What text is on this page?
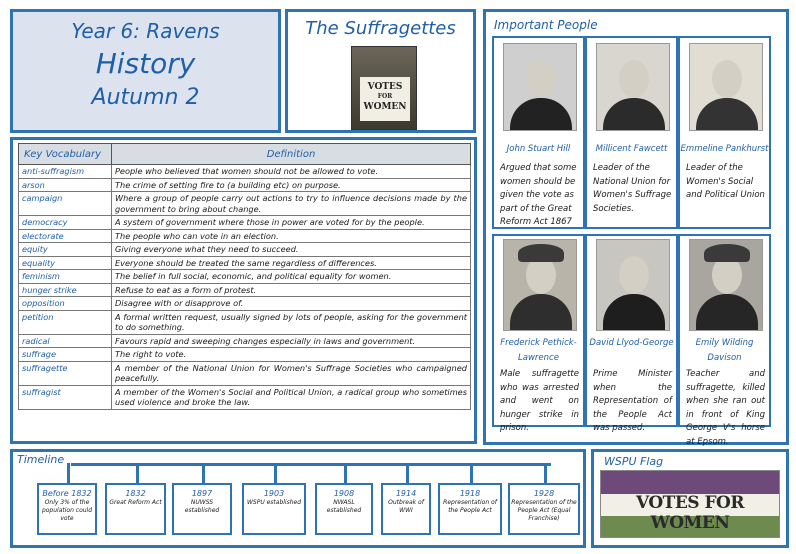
Year 6: Ravens
History
Autumn 2
The Suffragettes
VOTES
FOR
WOMEN
Key Vocabulary	Definition
anti-suffragism	People who believed that women should not be allowed to vote.
arson	The crime of setting fire to (a building etc) on purpose.
campaign	Where a group of people carry out actions to try to influence decisions made by the government to bring about change.
democracy	A system of government where those in power are voted for by the people.
electorate	The people who can vote in an election.
equity	Giving everyone what they need to succeed.
equality	Everyone should be treated the same regardless of differences.
feminism	The belief in full social, economic, and political equality for women.
hunger strike	Refuse to eat as a form of protest.
opposition	Disagree with or disapprove of.
petition	A formal written request, usually signed by lots of people, asking for the government to do something.
radical	Favours rapid and sweeping changes especially in laws and government.
suffrage	The right to vote.
suffragette	A member of the National Union for Women's Suffrage Societies who campaigned peacefully.
suffragist	A member of the Women's Social and Political Union, a radical group who sometimes used violence and broke the law.
Important People
John Stuart Hill
Argued that some women should be given the vote as part of the Great Reform Act 1867
Millicent Fawcett
Leader of the National Union for Women's Suffrage Societies.
Emmeline Pankhurst
Leader of the Women's Social and Political Union
Frederick Pethick-Lawrence
Male suffragette who was arrested and went on hunger strike in prison.
David Llyod-George
Prime Minister when the Representation of the People Act was passed.
Emily Wilding Davison
Teacher and suffragette, killed when she ran out in front of King George V's horse at Epsom.
Timeline
Before 1832
Only 3% of the population could vote
1832
Great Reform Act
1897
NUWSS established
1903
WSPU established
1908
NWASL established
1914
Outbreak of WWI
1918
Representation of the People Act
1928
Representation of the People Act (Equal Franchise)
WSPU Flag
VOTES FOR WOMEN
